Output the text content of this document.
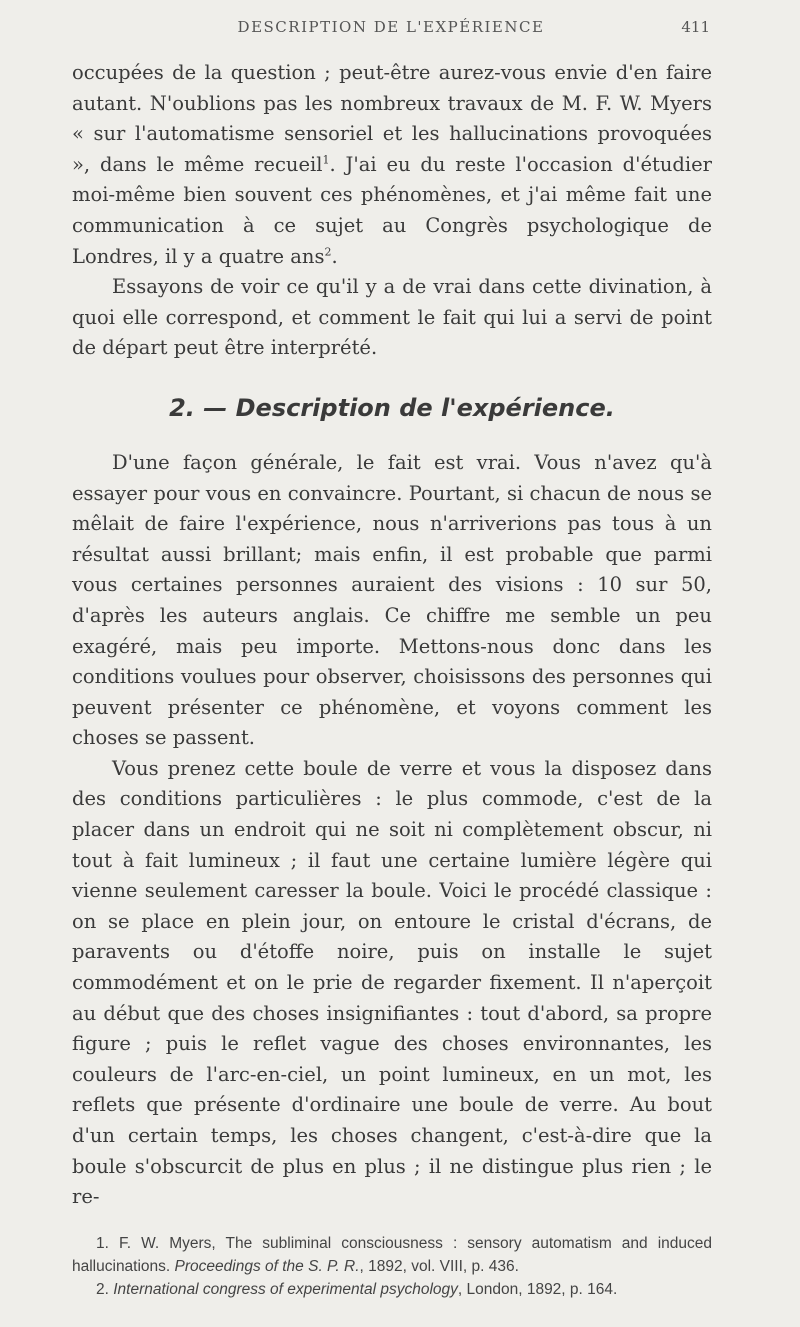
DESCRIPTION DE L'EXPÉRIENCE	411

occupées de la question ; peut-être aurez-vous envie d'en faire autant. N'oublions pas les nombreux travaux de M. F. W. Myers « sur l'automatisme sensoriel et les hallucinations provoquées », dans le même recueil$^1$. J'ai eu du reste l'occasion d'étudier moi-même bien souvent ces phénomènes, et j'ai même fait une communication à ce sujet au Congrès psychologique de Londres, il y a quatre ans$^2$.

Essayons de voir ce qu'il y a de vrai dans cette divination, à quoi elle correspond, et comment le fait qui lui a servi de point de départ peut être interprété.

2. — Description de l'expérience.

D'une façon générale, le fait est vrai. Vous n'avez qu'à essayer pour vous en convaincre. Pourtant, si chacun de nous se mêlait de faire l'expérience, nous n'arriverions pas tous à un résultat aussi brillant; mais enfin, il est probable que parmi vous certaines personnes auraient des visions : 10 sur 50, d'après les auteurs anglais. Ce chiffre me semble un peu exagéré, mais peu importe. Mettons-nous donc dans les conditions voulues pour observer, choisissons des personnes qui peuvent présenter ce phénomène, et voyons comment les choses se passent.

Vous prenez cette boule de verre et vous la disposez dans des conditions particulières : le plus commode, c'est de la placer dans un endroit qui ne soit ni complètement obscur, ni tout à fait lumineux ; il faut une certaine lumière légère qui vienne seulement caresser la boule. Voici le procédé classique : on se place en plein jour, on entoure le cristal d'écrans, de paravents ou d'étoffe noire, puis on installe le sujet commodément et on le prie de regarder fixement. Il n'aperçoit au début que des choses insignifiantes : tout d'abord, sa propre figure ; puis le reflet vague des choses environnantes, les couleurs de l'arc-en-ciel, un point lumineux, en un mot, les reflets que présente d'ordinaire une boule de verre. Au bout d'un certain temps, les choses changent, c'est-à-dire que la boule s'obscurcit de plus en plus ; il ne distingue plus rien ; le re-

1. F. W. Myers, The subliminal consciousness : sensory automatism and induced hallucinations. Proceedings of the S. P. R., 1892, vol. VIII, p. 436.

2. International congress of experimental psychology, London, 1892, p. 164.
